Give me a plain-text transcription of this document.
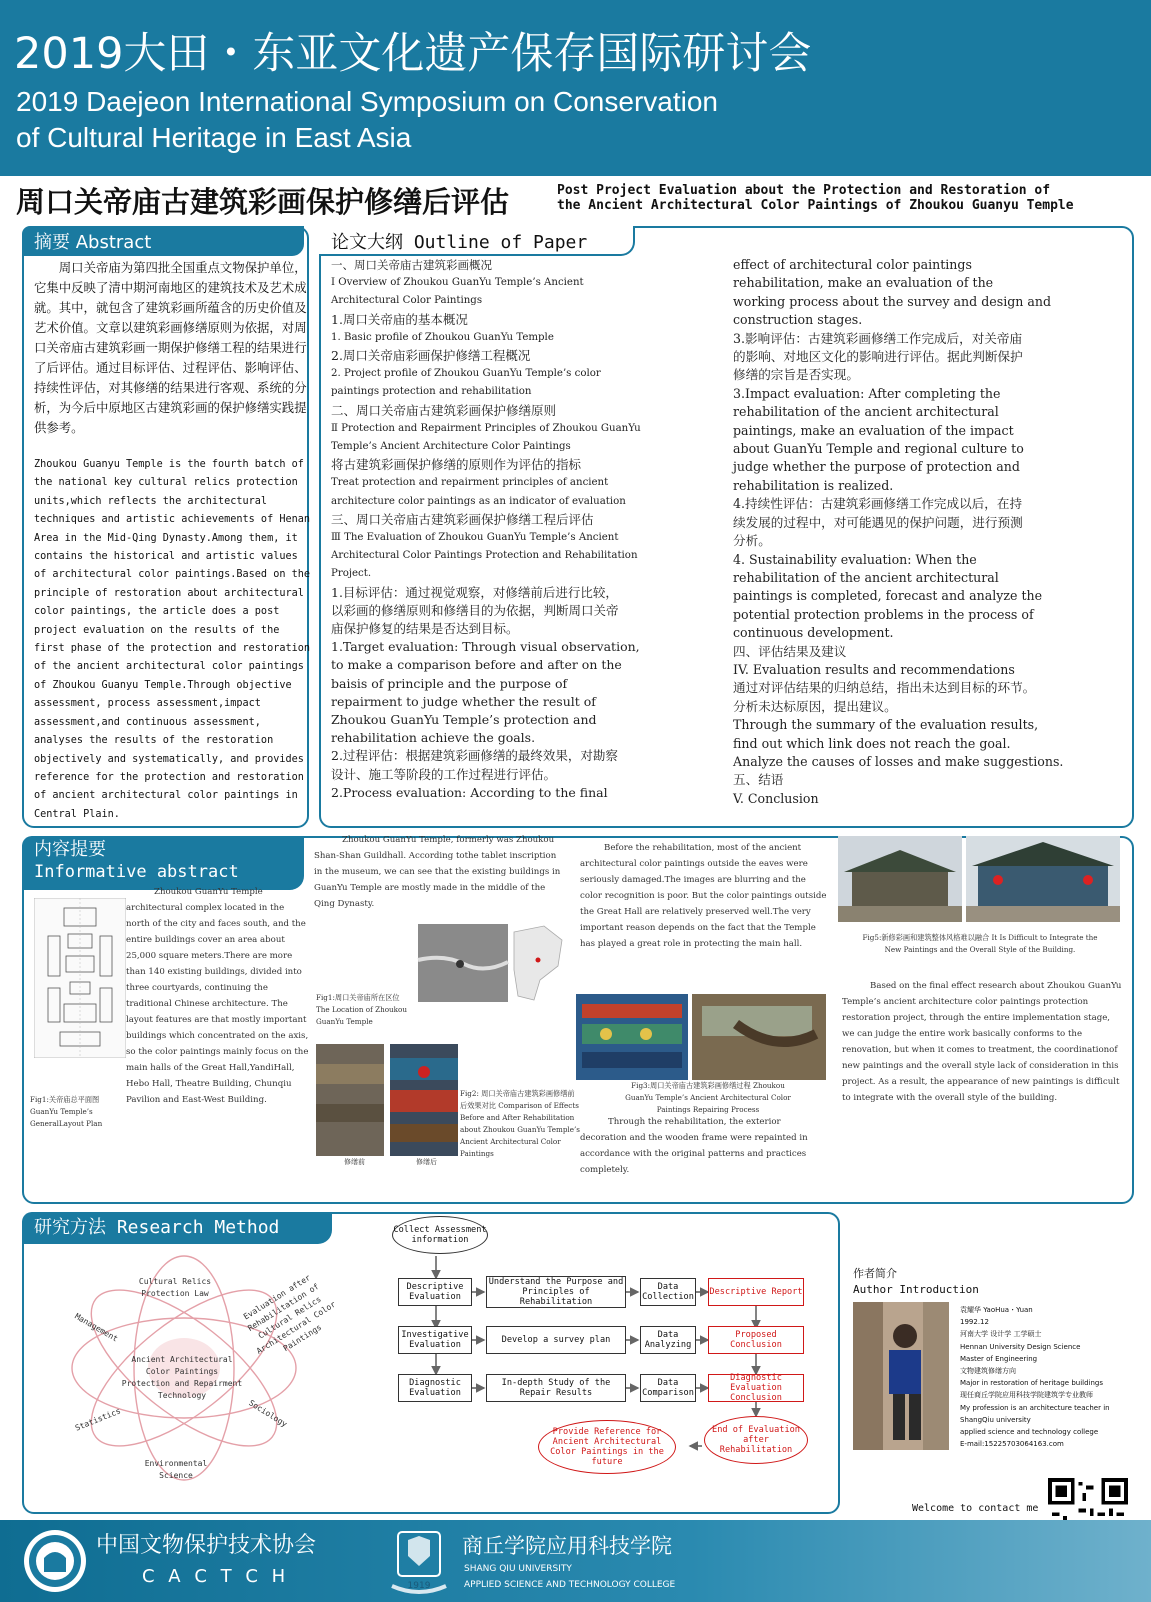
2019大田・东亚文化遗产保存国际研讨会
2019 Daejeon International Symposium on Conservation
of Cultural Heritage in East Asia
周口关帝庙古建筑彩画保护修缮后评估	Post Project Evaluation about the Protection and Restoration of
the Ancient Architectural Color Paintings of Zhoukou Guanyu Temple
摘要 Abstract
周口关帝庙为第四批全国重点文物保护单位，它集中反映了清中期河南地区的建筑技术及艺术成就。其中，就包含了建筑彩画所蕴含的历史价值及艺术价值。文章以建筑彩画修缮原则为依据，对周口关帝庙古建筑彩画一期保护修缮工程的结果进行了后评估。通过目标评估、过程评估、影响评估、持续性评估，对其修缮的结果进行客观、系统的分析，为今后中原地区古建筑彩画的保护修缮实践提供参考。
Zhoukou Guanyu Temple is the fourth batch of the national key cultural relics protection units,which reflects the architectural techniques and artistic achievements of Henan Area in the Mid-Qing Dynasty.Among them, it contains the historical and artistic values of architectural color paintings.Based on the principle of restoration about architectural color paintings, the article does a post project evaluation on the results of the first phase of the protection and restoration of the ancient architectural color paintings of Zhoukou Guanyu Temple.Through objective assessment, process assessment,impact assessment,and continuous assessment, analyses the results of the restoration objectively and systematically, and provides reference for the protection and restoration of ancient architectural color paintings in Central Plain.
论文大纲 Outline of Paper
一、周口关帝庙古建筑彩画概况
Ⅰ Overview of Zhoukou GuanYu Temple’s Ancient
Architectural Color Paintings
1.周口关帝庙的基本概况
1. Basic profile of Zhoukou GuanYu Temple
2.周口关帝庙彩画保护修缮工程概况
2. Project profile of Zhoukou GuanYu Temple’s color
paintings protection and rehabilitation
二、周口关帝庙古建筑彩画保护修缮原则
Ⅱ Protection and Repairment Principles of Zhoukou GuanYu
Temple’s Ancient Architecture Color Paintings
将古建筑彩画保护修缮的原则作为评估的指标
Treat protection and repairment principles of ancient
architecture color paintings as an indicator of evaluation
三、周口关帝庙古建筑彩画保护修缮工程后评估
Ⅲ The Evaluation of Zhoukou GuanYu Temple’s Ancient
Architectural Color Paintings Protection and Rehabilitation
Project.
1.目标评估：通过视觉观察，对修缮前后进行比较，
以彩画的修缮原则和修缮目的为依据，判断周口关帝
庙保护修复的结果是否达到目标。
1.Target evaluation: Through visual observation,
to make a comparison before and after on the
baisis of principle and the purpose of
repairment to judge whether the result of
Zhoukou GuanYu Temple’s protection and
rehabilitation achieve the goals.
2.过程评估：根据建筑彩画修缮的最终效果，对勘察
设计、施工等阶段的工作过程进行评估。
2.Process evaluation: According to the final
effect of architectural color paintings
rehabilitation, make an evaluation of the
working process about the survey and design and
construction stages.
3.影响评估：古建筑彩画修缮工作完成后，对关帝庙
的影响、对地区文化的影响进行评估。据此判断保护
修缮的宗旨是否实现。
3.Impact evaluation: After completing the
rehabilitation of the ancient architectural
paintings, make an evaluation of the impact
about GuanYu Temple and regional culture to
judge whether the purpose of protection and
rehabilitation is realized.
4.持续性评估：古建筑彩画修缮工作完成以后，在持
续发展的过程中，对可能遇见的保护问题，进行预测
分析。
4. Sustainability evaluation: When the
rehabilitation of the ancient architectural
paintings is completed, forecast and analyze the
potential protection problems in the process of
continuous development.
四、评估结果及建议
IV. Evaluation results and recommendations
通过对评估结果的归纳总结，指出未达到目标的环节。
分析未达标原因，提出建议。
Through the summary of the evaluation results,
find out which link does not reach the goal.
Analyze the causes of losses and make suggestions.
五、结语
V. Conclusion
内容提要
Informative abstract
Fig1:关帝庙总平面图 GuanYu Temple’s GeneralLayout Plan
Zhoukou GuanYu Temple architectural complex located in the north of the city and faces south, and the entire buildings cover an area about 25,000 square meters.There are more than 140 existing buildings, divided into three courtyards, continuing the traditional Chinese architecture. The layout features are that mostly important buildings which concentrated on the axis, so the color paintings mainly focus on the main halls of the Great Hall,YandiHall, Hebo Hall, Theatre Building, Chunqiu Pavilion and East-West Building.
Zhoukou GuanYu Temple, formerly was Zhoukou Shan-Shan Guildhall. According tothe tablet inscription in the museum, we can see that the existing buildings in GuanYu Temple are mostly made in the middle of the Qing Dynasty.
Fig1:周口关帝庙所在区位 The Location of Zhoukou GuanYu Temple
修缮前	修缮后
Fig2: 周口关帝庙古建筑彩画修缮前后效果对比 Comparison of Effects Before and After Rehabilitation about Zhoukou GuanYu Temple’s Ancient Architectural Color Paintings
Before the rehabilitation, most of the ancient architectural color paintings outside the eaves were seriously damaged.The images are blurring and the color recognition is poor. But the color paintings outside the Great Hall are relatively preserved well.The very important reason depends on the fact that the Temple has played a great role in protecting the main hall.
Fig3:周口关帝庙古建筑彩画修缮过程 Zhoukou GuanYu Temple’s Ancient Architectural Color Paintings Repairing Process
Through the rehabilitation, the exterior decoration and the wooden frame were repainted in accordance with the original patterns and practices completely.
Fig5:新修彩画和建筑整体风格难以融合 It Is Difficult to Integrate the New Paintings and the Overall Style of the Building.
Based on the final effect research about Zhoukou GuanYu Temple’s ancient architecture color paintings protection restoration project, through the entire implementation stage, we can judge the entire work basically conforms to the renovation, but when it comes to treatment, the coordinationof new paintings and the overall style lack of consideration in this project. As a result, the appearance of new paintings is difficult to integrate with the overall style of the building.
研究方法 Research Method
Cultural Relics Protection Law
Ancient Architectural Color Paintings Protection and Repairment Technology
Management
Evaluation after Rehabilitation of Cultural Relics Architectural Color Paintings
Statistics	Sociology
Environmental Science
Collect Assessment information
Descriptive Evaluation
Understand the Purpose and Principles of Rehabilitation
Data Collection Descriptive Report
Investigative Evaluation	Develop a survey plan	Data Analyzing
Proposed Conclusion
Diagnostic Evaluation
In-depth Study of the Repair Results
Data Comparison
Diagnostic Evaluation Conclusion
End of Evaluation after Rehabilitation
Provide Reference for Ancient Architectural Color Paintings in the future
作者简介
Author Introduction
袁耀华 YaoHua・Yuan
1992.12
河南大学 设计学 工学硕士
Hennan University Design Science
Master of Engineering
文物建筑修缮方向
Major in restoration of heritage buildings
现任商丘学院应用科技学院建筑学专业教师
My profession is an architecture teacher in
ShangQiu university
applied science and technology college
E-mail:15225703064163.com
Welcome to contact me
中国文物保护技术协会
C A C T C H	1919
商丘学院应用科技学院
SHANG QIU UNIVERSITY
APPLIED SCIENCE AND TECHNOLOGY COLLEGE
